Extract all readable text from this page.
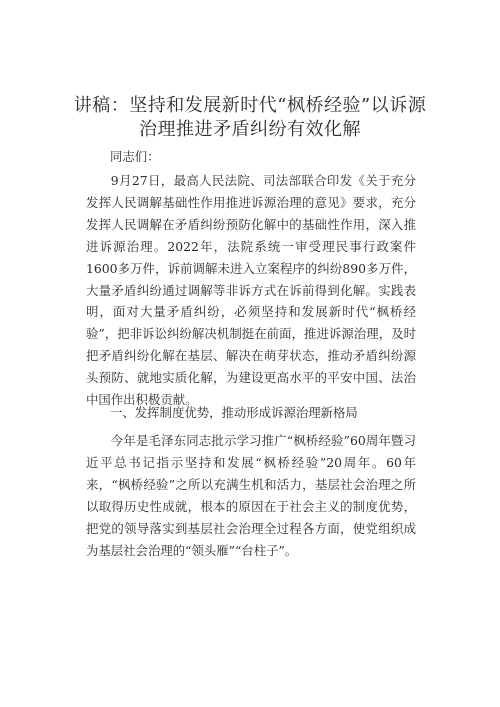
讲稿：坚持和发展新时代“枫桥经验”以诉源
治理推进矛盾纠纷有效化解
同志们：

9月27日，最高人民法院、司法部联合印发《关于充分发挥人民调解基础性作用推进诉源治理的意见》要求，充分发挥人民调解在矛盾纠纷预防化解中的基础性作用，深入推进诉源治理。2022年，法院系统一审受理民事行政案件1600多万件，诉前调解未进入立案程序的纠纷890多万件，大量矛盾纠纷通过调解等非诉方式在诉前得到化解。实践表明，面对大量矛盾纠纷，必须坚持和发展新时代“枫桥经验”，把非诉讼纠纷解决机制挺在前面，推进诉源治理，及时把矛盾纠纷化解在基层、解决在萌芽状态，推动矛盾纠纷源头预防、就地实质化解，为建设更高水平的平安中国、法治中国作出积极贡献。

一、发挥制度优势，推动形成诉源治理新格局

今年是毛泽东同志批示学习推广“枫桥经验”60周年暨习近平总书记指示坚持和发展“枫桥经验”20周年。60年来，“枫桥经验”之所以充满生机和活力，基层社会治理之所以取得历史性成就，根本的原因在于社会主义的制度优势，把党的领导落实到基层社会治理全过程各方面，使党组织成为基层社会治理的“领头雁”“台柱子”。
